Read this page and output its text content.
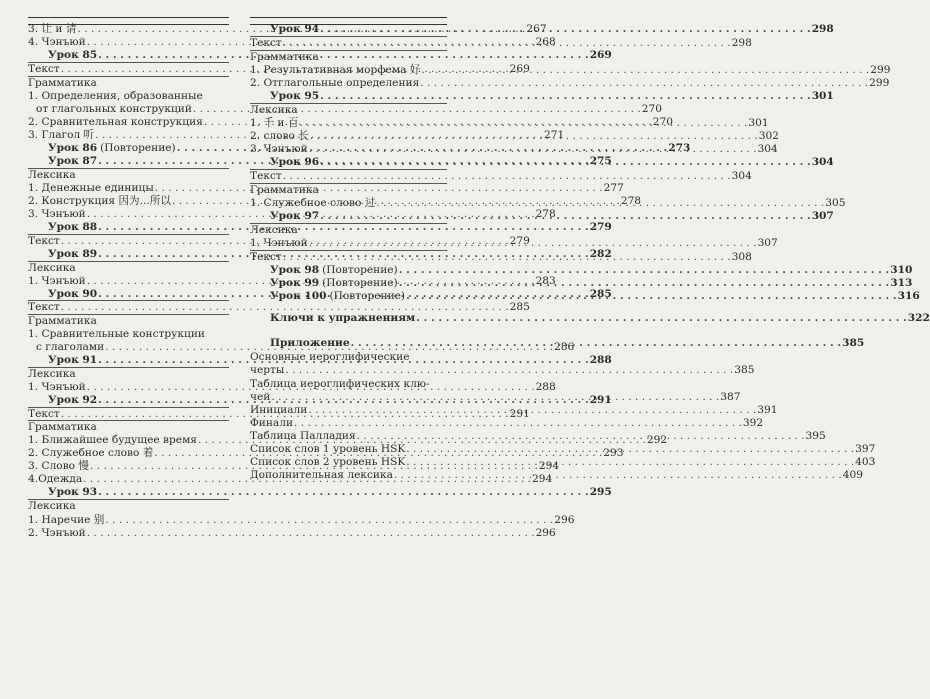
3. 让 и 请 . . .	267
4. Чэнъюй . . .	268
Урок 85 . . .	269
Текст . . .	269
Грамматика
1. Определения, образованные
от глагольных конструкций . . .	270
2. Сравнительная конструкция . . .	270
3. Глагол 听 . . .	271
Урок 86 (Повторение) . . .	273
Урок 87 . . .	275
Лексика
1. Денежные единицы . . .	277
2. Конструкция 因为...所以 . . .	278
3. Чэнъюй . . .	278
Урок 88 . . .	279
Текст . . .	279
Урок 89 . . .	282
Лексика
1. Чэнъюй . . .	283
Урок 90 . . .	285
Текст . . .	285
Грамматика
1. Сравнительные конструкции
с глаголами . . .	286
Урок 91 . . .	288
Лексика
1. Чэнъюй . . .	288
Урок 92 . . .	291
Текст . . .	291
Грамматика
1. Ближайшее будущее время . . .	292
2. Служебное слово 着 . . .	293
3. Слово 慢 . . .	294
4.Одежда . . .	294
Урок 93 . . .	295
Лексика
1. Наречие 别 . . .	296
2. Чэнъюй . . .	296
Урок 94 . . .	298
Текст . . .	298
Грамматика
1. Результативная морфема 好 . . .	299
2. Отглагольные определения . . .	299
Урок 95 . . .	301
Лексика
1. 千 и 百 . . .	301
2. слово 长 . . .	302
3. Чэнъюй . . .	304
Урок 96 . . .	304
Текст . . .	304
Грамматика
1. Служебное слово 过 . . .	305
Урок 97 . . .	307
Лексика
1. Чэнъюй . . .	307
Текст . . .	308
Урок 98 (Повторение) . . .	310
Урок 99 (Повторение) . . .	313
Урок 100 (Повторение) . . .	316
Ключи к упражнениям . . .	322
Приложение . . .	385
Основные иероглифические
черты . . .	385
Таблица иероглифических клю-
чей . . .	387
Инициали . . .	391
Финали . . .	392
Таблица Палладия . . .	395
Список слов 1 уровень HSK . . .	397
Список слов 2 уровень HSK . . .	403
Дополнительная лексика . . .	409
